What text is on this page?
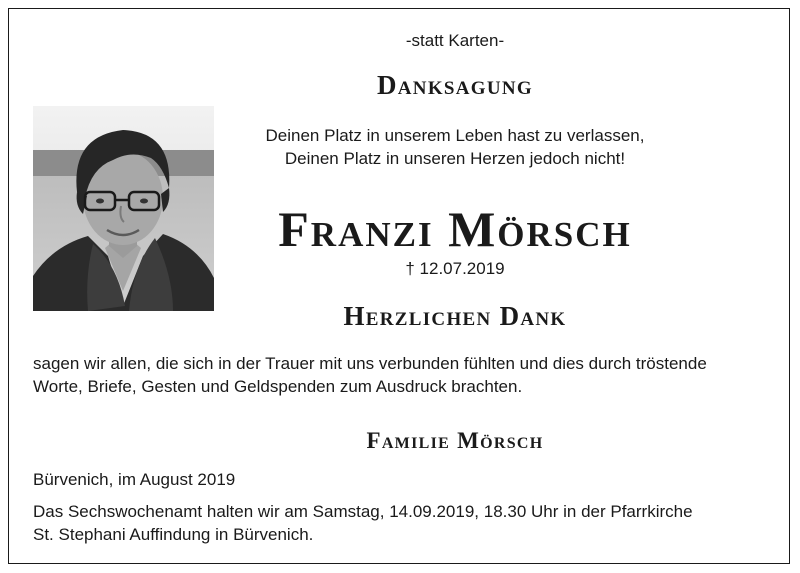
-statt Karten-
Danksagung
Deinen Platz in unserem Leben hast zu verlassen,
Deinen Platz in unseren Herzen jedoch nicht!
Franzi Mörsch
† 12.07.2019
Herzlichen Dank
sagen wir allen, die sich in der Trauer mit uns verbunden fühlten und dies durch tröstende
Worte, Briefe, Gesten und Geldspenden zum Ausdruck brachten.
Familie Mörsch
Bürvenich, im August 2019
Das Sechswochenamt halten wir am Samstag, 14.09.2019, 18.30 Uhr in der Pfarrkirche
St. Stephani Auffindung in Bürvenich.
